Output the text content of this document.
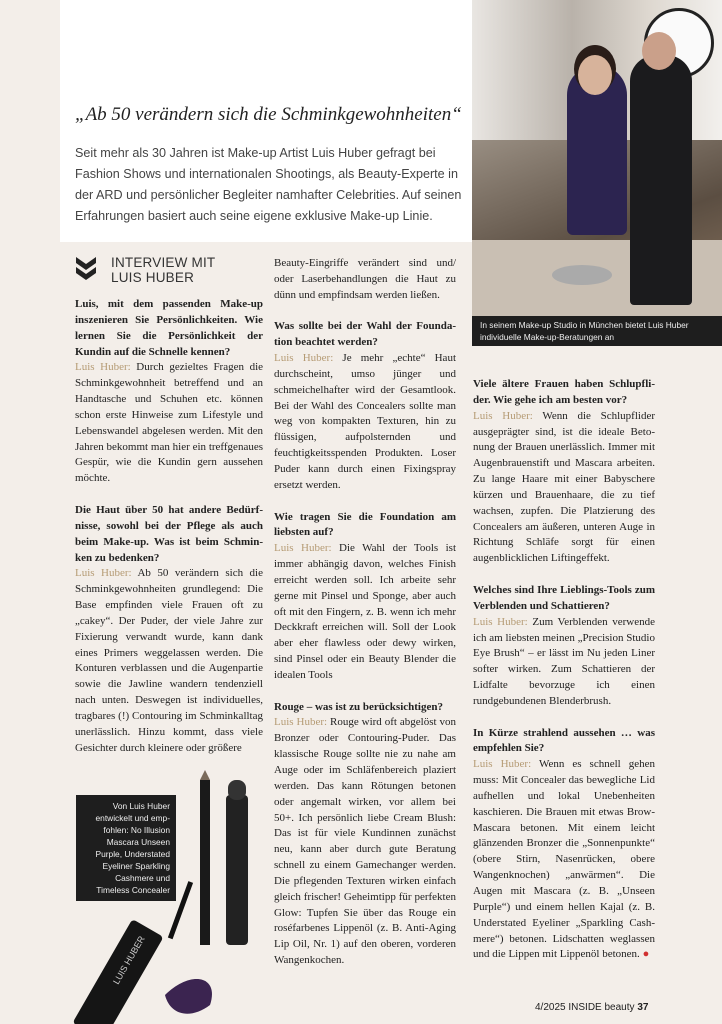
„Ab 50 verändern sich die Schminkgewohnheiten“
Seit mehr als 30 Jahren ist Make-up Artist Luis Huber gefragt bei Fashion Shows und internationalen Shootings, als Beauty-Experte in der ARD und persönlicher Begleiter namhafter Celebrities. Auf seinen Erfahrungen basiert auch seine eigene exklusive Make-up Linie.
In seinem Make-up Studio in München bietet Luis Huber individuelle Make-up-Beratungen an
INTERVIEW MIT
LUIS HUBER

Luis, mit dem passenden Make-up inszenieren Sie Persönlichkeiten. Wie lernen Sie die Persönlichkeit der Kundin auf die Schnelle kennen?
Luis Huber: Durch gezieltes Fragen die Schminkgewohnheit betreffend und an Handtasche und Schuhen etc. können schon erste Hinweise zum Lifestyle und Lebenswandel abgelesen werden. Mit den Jahren bekommt man hier ein treffgenaues Gespür, wie die Kundin gern aussehen möchte.

Die Haut über 50 hat andere Bedürfnisse, sowohl bei der Pflege als auch beim Make-up. Was ist beim Schminken zu bedenken?
Luis Huber: Ab 50 verändern sich die Schminkgewohnheiten grundlegend: Die Base empfinden viele Frauen oft zu „cakey“. Der Puder, der viele Jahre zur Fixierung verwandt wurde, kann dank eines Primers weggelassen werden. Die Konturen verblassen und die Augenpartie sowie die Jawline wandern tendenziell nach unten. Deswegen ist individuelles, tragbares (!) Contouring im Schminkalltag unerlässlich. Hinzu kommt, dass viele Gesichter durch kleinere oder größere

Beauty-Eingriffe verändert sind und/ oder Laserbehandlungen die Haut zu dünn und empfindsam werden ließen.

Was sollte bei der Wahl der Foundation beachtet werden?
Luis Huber: Je mehr „echte“ Haut durchscheint, umso jünger und schmeichelhafter wird der Gesamtlook. Bei der Wahl des Concealers sollte man weg von kompakten Texturen, hin zu flüssigen, aufpolsternden und feuchtigkeitsspenden Produkten. Loser Puder kann durch einen Fixingspray ersetzt werden.

Wie tragen Sie die Foundation am liebsten auf?
Luis Huber: Die Wahl der Tools ist immer abhängig davon, welches Finish erreicht werden soll. Ich arbeite sehr gerne mit Pinsel und Sponge, aber auch oft mit den Fingern, z. B. wenn ich mehr Deckkraft erreichen will. Soll der Look aber eher flawless oder dewy wirken, sind Pinsel oder ein Beauty Blender die idealen Tools

Rouge – was ist zu berücksichtigen?
Luis Huber: Rouge wird oft abgelöst von Bronzer oder Contouring-Puder. Das klassische Rouge sollte nie zu nahe am Auge oder im Schläfenbereich plaziert werden. Das kann Rötungen betonen oder angemalt wirken, vor allem bei 50+. Ich persönlich liebe Cream Blush: Das ist für viele Kundinnen zunächst neu, kann aber durch gute Beratung schnell zu einem Gamechanger werden. Die pflegenden Texturen wirken einfach gleich frischer! Geheimtipp für perfekten Glow: Tupfen Sie über das Rouge ein roséfarbenes Lippenöl (z. B. Anti-Aging Lip Oil, Nr. 1) auf den oberen, vorderen Wangenkochen.

Viele ältere Frauen haben Schlupflider. Wie gehe ich am besten vor?
Luis Huber: Wenn die Schlupflider ausgeprägter sind, ist die ideale Betonung der Brauen unerlässlich. Immer mit Augenbrauenstift und Mascara arbeiten. Zu lange Haare mit einer Babyschere kürzen und Brauenhaare, die zu tief wachsen, zupfen. Die Platzierung des Concealers am äußeren, unteren Auge in Richtung Schläfe sorgt für einen augenblicklichen Liftingeffekt.

Welches sind Ihre Lieblings-Tools zum Verblenden und Schattieren?
Luis Huber: Zum Verblenden verwende ich am liebsten meinen „Precision Studio Eye Brush“ – er lässt im Nu jeden Liner softer wirken. Zum Schattieren der Lidfalte bevorzuge ich einen rundgebundenen Blenderbrush.

In Kürze strahlend aussehen … was empfehlen Sie?
Luis Huber: Wenn es schnell gehen muss: Mit Concealer das bewegliche Lid aufhellen und lokal Unebenheiten kaschieren. Die Brauen mit etwas Brow-Mascara betonen. Mit einem leicht glänzenden Bronzer die „Sonnenpunkte“ (obere Stirn, Nasenrücken, obere Wangenknochen) „anwärmen“. Die Augen mit Mascara (z. B. „Unseen Purple“) und einem hellen Kajal (z. B. Understated Eyeliner „Sparkling Cashmere“) betonen. Lidschatten weglassen und die Lippen mit Lippenöl betonen. ●

LUIS HUBER
Von Luis Huber entwickelt und empfohlen: No Illusion Mascara Unseen Purple, Understated Eyeliner Sparkling Cashmere und Timeless Concealer
4/2025 INSIDE beauty 37
